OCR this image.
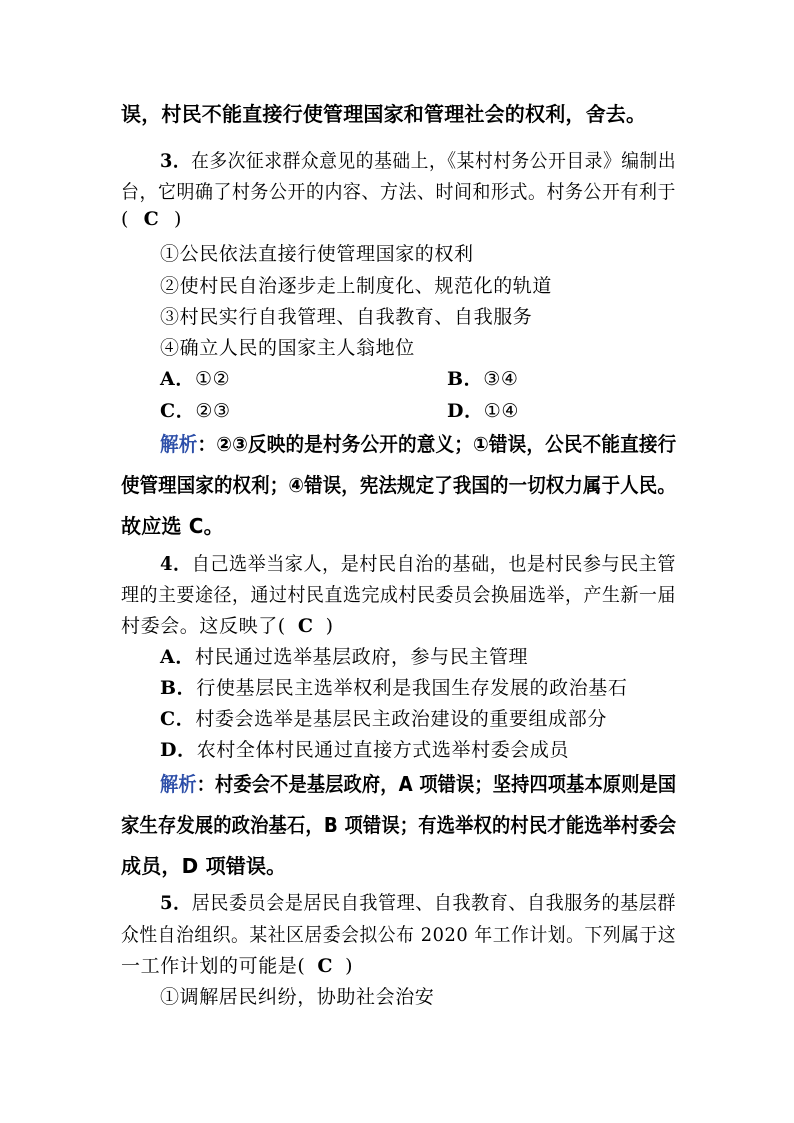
误，村民不能直接行使管理国家和管理社会的权利，舍去。
3．在多次征求群众意见的基础上，《某村村务公开目录》编制出
台，它明确了村务公开的内容、方法、时间和形式。村务公开有利于
( C )
①公民依法直接行使管理国家的权利
②使村民自治逐步走上制度化、规范化的轨道
③村民实行自我管理、自我教育、自我服务
④确立人民的国家主人翁地位
A．①②	B．③④
C．②③	D．①④
解析：②③反映的是村务公开的意义；①错误，公民不能直接行
使管理国家的权利；④错误，宪法规定了我国的一切权力属于人民。
故应选 C。
4．自己选举当家人，是村民自治的基础，也是村民参与民主管
理的主要途径，通过村民直选完成村民委员会换届选举，产生新一届
村委会。这反映了( C )
A．村民通过选举基层政府，参与民主管理
B．行使基层民主选举权利是我国生存发展的政治基石
C．村委会选举是基层民主政治建设的重要组成部分
D．农村全体村民通过直接方式选举村委会成员
解析：村委会不是基层政府，A 项错误；坚持四项基本原则是国
家生存发展的政治基石，B 项错误；有选举权的村民才能选举村委会
成员，D 项错误。
5．居民委员会是居民自我管理、自我教育、自我服务的基层群
众性自治组织。某社区居委会拟公布 2020 年工作计划。下列属于这
一工作计划的可能是( C )
①调解居民纠纷，协助社会治安
